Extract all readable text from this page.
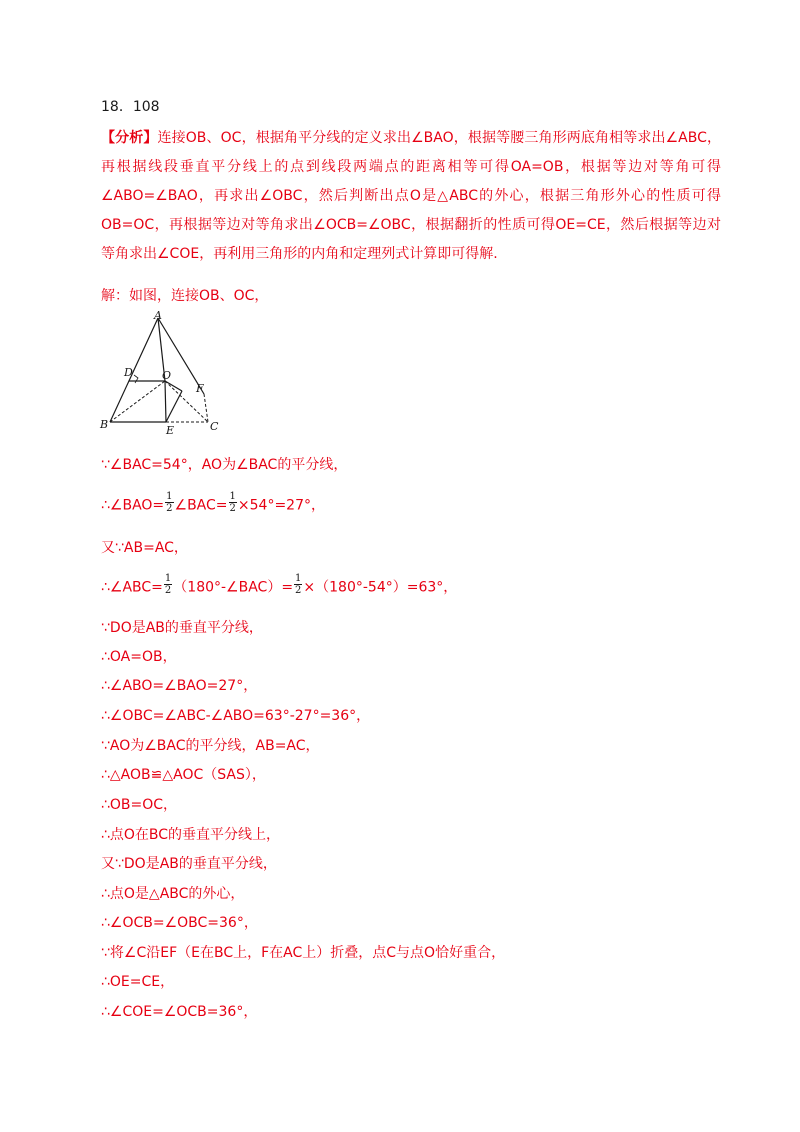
18．108

【分析】连接OB、OC，根据角平分线的定义求出∠BAO，根据等腰三角形两底角相等求出∠ABC，再根据线段垂直平分线上的点到线段两端点的距离相等可得OA=OB，根据等边对等角可得∠ABO=∠BAO，再求出∠OBC，然后判断出点O是△ABC的外心，根据三角形外心的性质可得OB=OC，再根据等边对等角求出∠OCB=∠OBC，根据翻折的性质可得OE=CE，然后根据等边对等角求出∠COE，再利用三角形的内角和定理列式计算即可得解.

解：如图，连接OB、OC，
A
B	C
D
E
F
O
∵∠BAC=54°，AO为∠BAC的平分线，
∴∠BAO= $\frac{1}{2}$ ∠BAC= $\frac{1}{2} \times 54^\circ=27^\circ$，
又∵AB=AC，
∴∠ABC= $\frac{1}{2}$ （180°-∠BAC）= $\frac{1}{2} \times(180^\circ-54^\circ)=63^\circ$，
∵DO是AB的垂直平分线，
∴OA=OB，
∴∠ABO=∠BAO=27°，
∴∠OBC=∠ABC-∠ABO=63°-27°=36°，
∵AO为∠BAC的平分线，AB=AC，
∴△AOB≌△AOC（SAS），
∴OB=OC，
∴点O在BC的垂直平分线上，
又∵DO是AB的垂直平分线，
∴点O是△ABC的外心，
∴∠OCB=∠OBC=36°，
∵将∠C沿EF（E在BC上，F在AC上）折叠，点C与点O恰好重合，
∴OE=CE，
∴∠COE=∠OCB=36°，
